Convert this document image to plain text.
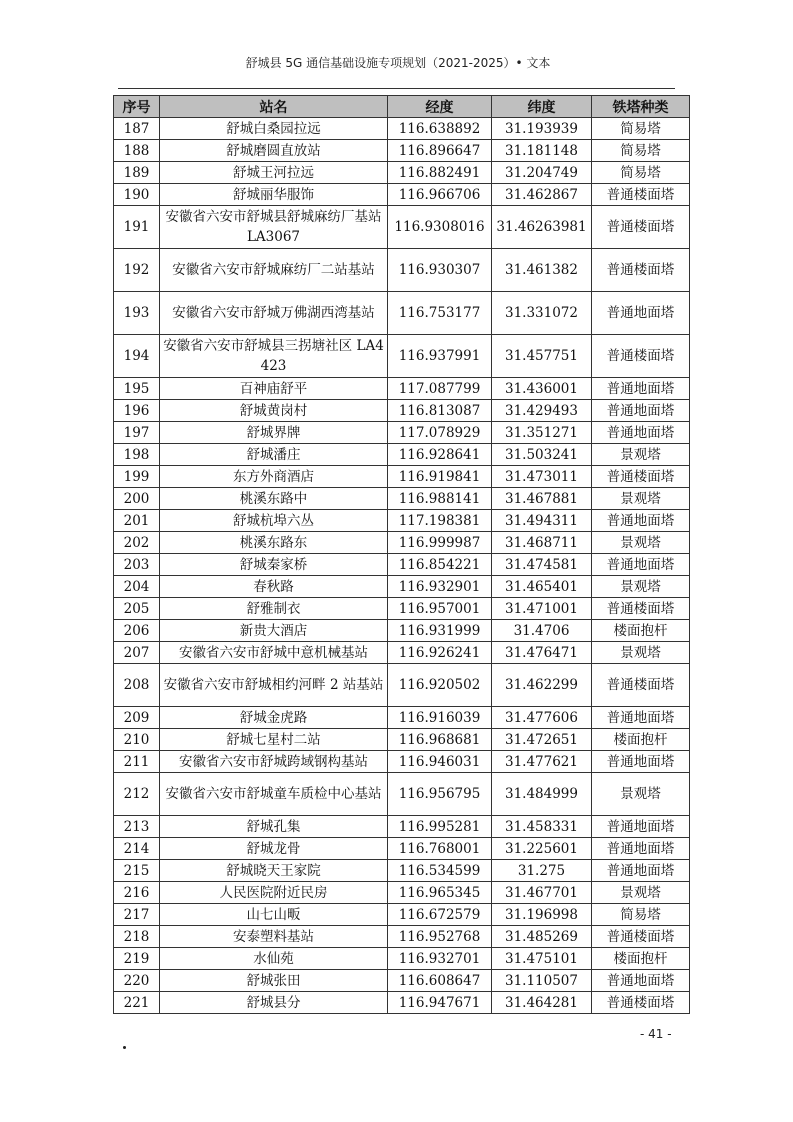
舒城县 5G 通信基础设施专项规划（2021-2025）• 文本
序号	站名	经度	纬度	铁塔种类
187	舒城白桑园拉远	116.638892	31.193939	简易塔
188	舒城磨圆直放站	116.896647	31.181148	简易塔
189	舒城王河拉远	116.882491	31.204749	简易塔
190	舒城丽华服饰	116.966706	31.462867	普通楼面塔
191	安徽省六安市舒城县舒城麻纺厂基站 LA3067	116.9308016	31.46263981	普通楼面塔
192	安徽省六安市舒城麻纺厂二站基站	116.930307	31.461382	普通楼面塔
193	安徽省六安市舒城万佛湖西湾基站	116.753177	31.331072	普通地面塔
194	安徽省六安市舒城县三拐塘社区 LA4423	116.937991	31.457751	普通楼面塔
195	百神庙舒平	117.087799	31.436001	普通地面塔
196	舒城黄岗村	116.813087	31.429493	普通地面塔
197	舒城界牌	117.078929	31.351271	普通地面塔
198	舒城潘庄	116.928641	31.503241	景观塔
199	东方外商酒店	116.919841	31.473011	普通楼面塔
200	桃溪东路中	116.988141	31.467881	景观塔
201	舒城杭埠六丛	117.198381	31.494311	普通地面塔
202	桃溪东路东	116.999987	31.468711	景观塔
203	舒城秦家桥	116.854221	31.474581	普通地面塔
204	春秋路	116.932901	31.465401	景观塔
205	舒雅制衣	116.957001	31.471001	普通楼面塔
206	新贵大酒店	116.931999	31.4706	楼面抱杆
207	安徽省六安市舒城中意机械基站	116.926241	31.476471	景观塔
208	安徽省六安市舒城相约河畔 2 站基站	116.920502	31.462299	普通楼面塔
209	舒城金虎路	116.916039	31.477606	普通地面塔
210	舒城七星村二站	116.968681	31.472651	楼面抱杆
211	安徽省六安市舒城跨域钢构基站	116.946031	31.477621	普通地面塔
212	安徽省六安市舒城童车质检中心基站	116.956795	31.484999	景观塔
213	舒城孔集	116.995281	31.458331	普通地面塔
214	舒城龙骨	116.768001	31.225601	普通地面塔
215	舒城晓天王家院	116.534599	31.275	普通地面塔
216	人民医院附近民房	116.965345	31.467701	景观塔
217	山七山畈	116.672579	31.196998	简易塔
218	安泰塑料基站	116.952768	31.485269	普通楼面塔
219	水仙苑	116.932701	31.475101	楼面抱杆
220	舒城张田	116.608647	31.110507	普通地面塔
221	舒城县分	116.947671	31.464281	普通楼面塔
- 41 -
